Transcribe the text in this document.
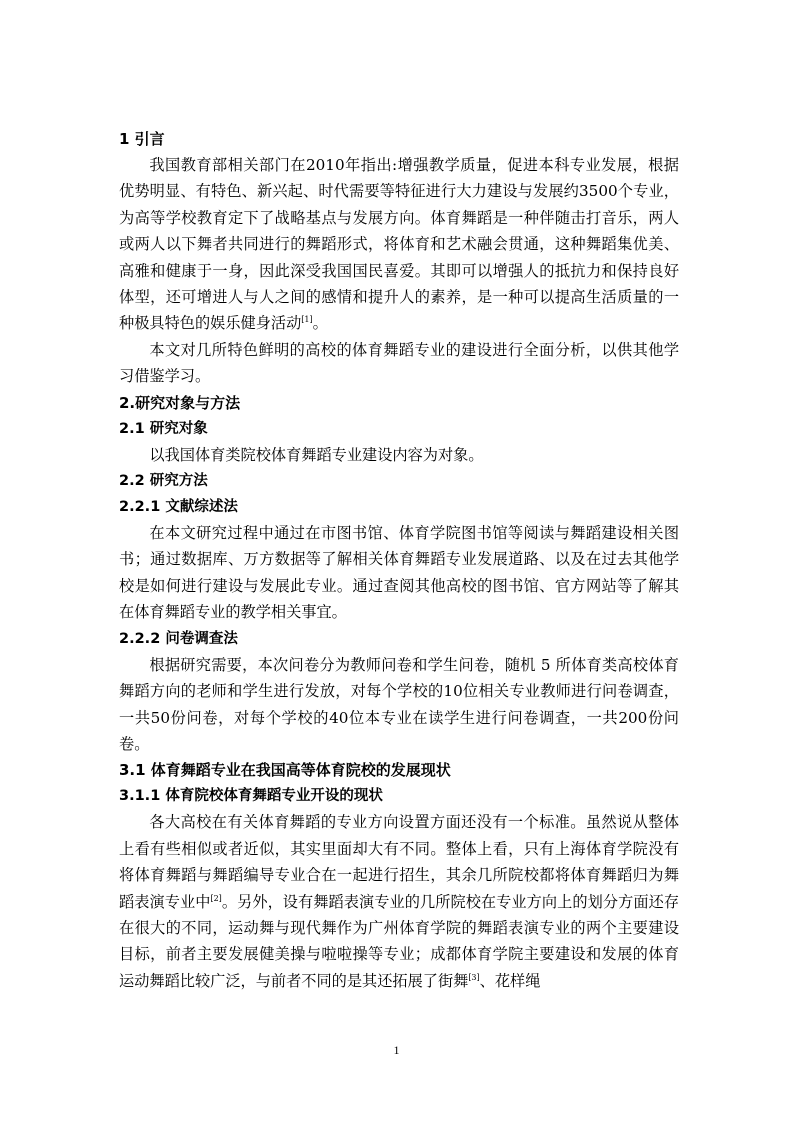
1 引言

我国教育部相关部门在2010年指出:增强教学质量，促进本科专业发展，根据优势明显、有特色、新兴起、时代需要等特征进行大力建设与发展约3500个专业，为高等学校教育定下了战略基点与发展方向。体育舞蹈是一种伴随击打音乐，两人或两人以下舞者共同进行的舞蹈形式，将体育和艺术融会贯通，这种舞蹈集优美、高雅和健康于一身，因此深受我国国民喜爱。其即可以增强人的抵抗力和保持良好体型，还可增进人与人之间的感情和提升人的素养，是一种可以提高生活质量的一种极具特色的娱乐健身活动[1]。

本文对几所特色鲜明的高校的体育舞蹈专业的建设进行全面分析，以供其他学习借鉴学习。

2.研究对象与方法
2.1 研究对象

以我国体育类院校体育舞蹈专业建设内容为对象。

2.2 研究方法
2.2.1 文献综述法

在本文研究过程中通过在市图书馆、体育学院图书馆等阅读与舞蹈建设相关图书；通过数据库、万方数据等了解相关体育舞蹈专业发展道路、以及在过去其他学校是如何进行建设与发展此专业。通过查阅其他高校的图书馆、官方网站等了解其在体育舞蹈专业的教学相关事宜。

2.2.2 问卷调查法

根据研究需要，本次问卷分为教师问卷和学生问卷，随机 5 所体育类高校体育舞蹈方向的老师和学生进行发放，对每个学校的10位相关专业教师进行问卷调查，一共50份问卷，对每个学校的40位本专业在读学生进行问卷调查，一共200份问卷。

3.1 体育舞蹈专业在我国高等体育院校的发展现状
3.1.1 体育院校体育舞蹈专业开设的现状

各大高校在有关体育舞蹈的专业方向设置方面还没有一个标准。虽然说从整体上看有些相似或者近似，其实里面却大有不同。整体上看，只有上海体育学院没有将体育舞蹈与舞蹈编导专业合在一起进行招生，其余几所院校都将体育舞蹈归为舞蹈表演专业中[2]。另外，设有舞蹈表演专业的几所院校在专业方向上的划分方面还存在很大的不同，运动舞与现代舞作为广州体育学院的舞蹈表演专业的两个主要建设目标，前者主要发展健美操与啦啦操等专业；成都体育学院主要建设和发展的体育运动舞蹈比较广泛，与前者不同的是其还拓展了街舞[3]、花样绳

1
